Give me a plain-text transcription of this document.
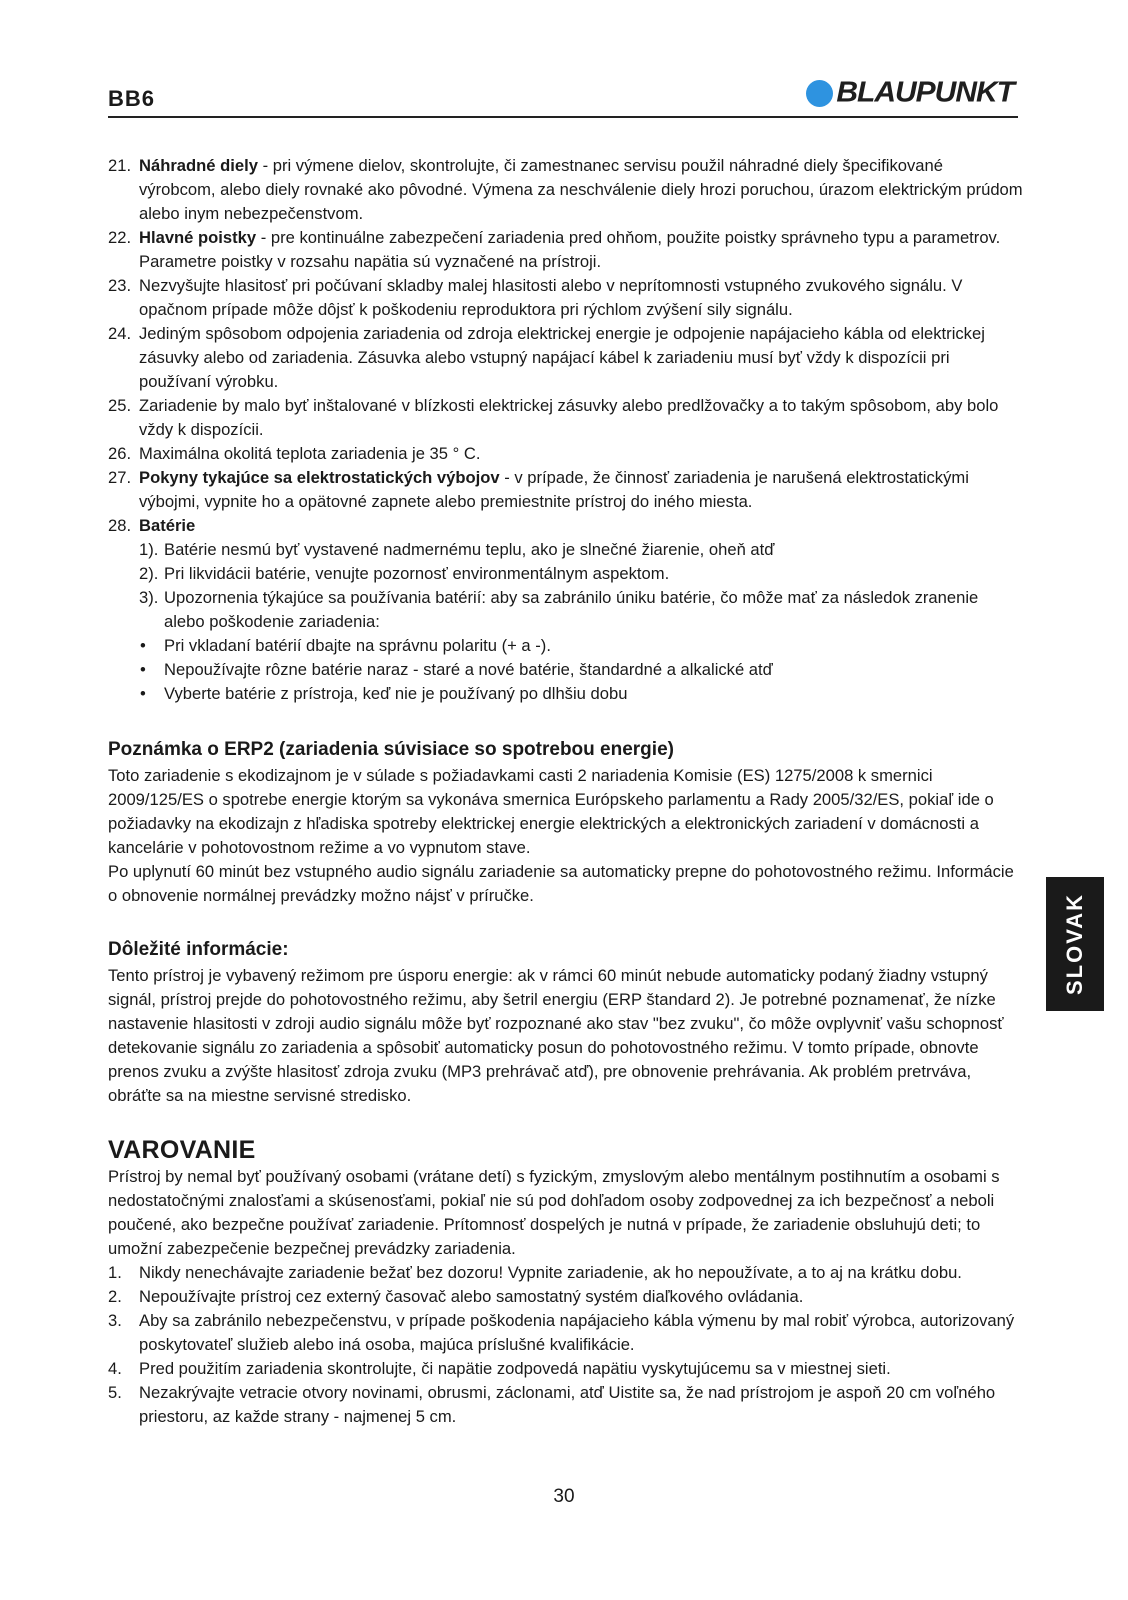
BB6	BLAUPUNKT
21. Náhradné diely - pri výmene dielov, skontrolujte, či zamestnanec servisu použil náhradné diely špecifikované výrobcom, alebo diely rovnaké ako pôvodné. Výmena za neschválenie diely hrozi poruchou, úrazom elektrickým prúdom alebo inym nebezpečenstvom.
22. Hlavné poistky - pre kontinuálne zabezpečení zariadenia pred ohňom, použite poistky správneho typu a parametrov. Parametre poistky v rozsahu napätia sú vyznačené na prístroji.
23. Nezvyšujte hlasitosť pri počúvaní skladby malej hlasitosti alebo v neprítomnosti vstupného zvukového signálu. V opačnom prípade môže dôjsť k poškodeniu reproduktora pri rýchlom zvýšení sily signálu.
24. Jediným spôsobom odpojenia zariadenia od zdroja elektrickej energie je odpojenie napájacieho kábla od elektrickej zásuvky alebo od zariadenia. Zásuvka alebo vstupný napájací kábel k zariadeniu musí byť vždy k dispozícii pri používaní výrobku.
25. Zariadenie by malo byť inštalované v blízkosti elektrickej zásuvky alebo predlžovačky a to takým spôsobom, aby bolo vždy k dispozícii.
26. Maximálna okolitá teplota zariadenia je 35 ° C.
27. Pokyny tykajúce sa elektrostatických výbojov - v prípade, že činnosť zariadenia je narušená elektrostatickými výbojmi, vypnite ho a opätovné zapnete alebo premiestnite prístroj do iného miesta.
28. Batérie
1). Batérie nesmú byť vystavené nadmernému teplu, ako je slnečné žiarenie, oheň atď
2). Pri likvidácii batérie, venujte pozornosť environmentálnym aspektom.
3). Upozornenia týkajúce sa používania batérií: aby sa zabránilo úniku batérie, čo môže mať za následok zranenie alebo poškodenie zariadenia:
• Pri vkladaní batérií dbajte na správnu polaritu (+ a -).
• Nepoužívajte rôzne batérie naraz - staré a nové batérie, štandardné a alkalické atď
• Vyberte batérie z prístroja, keď nie je používaný po dlhšiu dobu
Poznámka o ERP2 (zariadenia súvisiace so spotrebou energie)

Toto zariadenie s ekodizajnom je v súlade s požiadavkami casti 2 nariadenia Komisie (ES) 1275/2008 k smernici 2009/125/ES o spotrebe energie ktorým sa vykonáva smernica Európskeho parlamentu a Rady 2005/32/ES, pokiaľ ide o požiadavky na ekodizajn z hľadiska spotreby elektrickej energie elektrických a elektronických zariadení v domácnosti a kancelárie v pohotovostnom režime a vo vypnutom stave.

Po uplynutí 60 minút bez vstupného audio signálu zariadenie sa automaticky prepne do pohotovostného režimu. Informácie o obnovenie normálnej prevádzky možno nájsť v príručke.

Dôležité informácie:

Tento prístroj je vybavený režimom pre úsporu energie: ak v rámci 60 minút nebude automaticky podaný žiadny vstupný signál, prístroj prejde do pohotovostného režimu, aby šetril energiu (ERP štandard 2). Je potrebné poznamenať, že nízke nastavenie hlasitosti v zdroji audio signálu môže byť rozpoznané ako stav "bez zvuku", čo môže ovplyvniť vašu schopnosť detekovanie signálu zo zariadenia a spôsobiť automaticky posun do pohotovostného režimu. V tomto prípade, obnovte prenos zvuku a zvýšte hlasitosť zdroja zvuku (MP3 prehrávač atď), pre obnovenie prehrávania. Ak problém pretrváva, obráťte sa na miestne servisné stredisko.

VAROVANIE

Prístroj by nemal byť používaný osobami (vrátane detí) s fyzickým, zmyslovým alebo mentálnym postihnutím a osobami s nedostatočnými znalosťami a skúsenosťami, pokiaľ nie sú pod dohľadom osoby zodpovednej za ich bezpečnosť a neboli poučené, ako bezpečne používať zariadenie. Prítomnosť dospelých je nutná v prípade, že zariadenie obsluhujú deti; to umožní zabezpečenie bezpečnej prevádzky zariadenia.

1. Nikdy nenechávajte zariadenie bežať bez dozoru! Vypnite zariadenie, ak ho nepoužívate, a to aj na krátku dobu.
2. Nepoužívajte prístroj cez externý časovač alebo samostatný systém diaľkového ovládania.
3. Aby sa zabránilo nebezpečenstvu, v prípade poškodenia napájacieho kábla výmenu by mal robiť výrobca, autorizovaný poskytovateľ služieb alebo iná osoba, majúca príslušné kvalifikácie.
4. Pred použitím zariadenia skontrolujte, či napätie zodpovedá napätiu vyskytujúcemu sa v miestnej sieti.
5. Nezakrývajte vetracie otvory novinami, obrusmi, záclonami, atď Uistite sa, že nad prístrojom je aspoň 20 cm voľného priestoru, az každe strany - najmenej 5 cm.
SLOVAK
30
